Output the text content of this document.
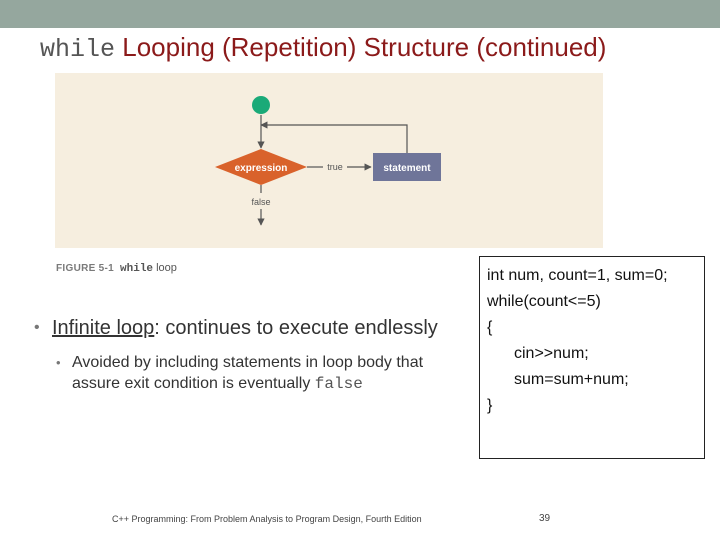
while Looping (Repetition) Structure (continued)
expression	true	statement
false
FIGURE 5-1 while loop
• Infinite loop: continues to execute endlessly
• Avoided by including statements in loop body that assure exit condition is eventually false
int num, count=1, sum=0;
while(count<=5)
{
cin>>num;
sum=sum+num;
}
C++ Programming: From Problem Analysis to Program Design, Fourth Edition	39
